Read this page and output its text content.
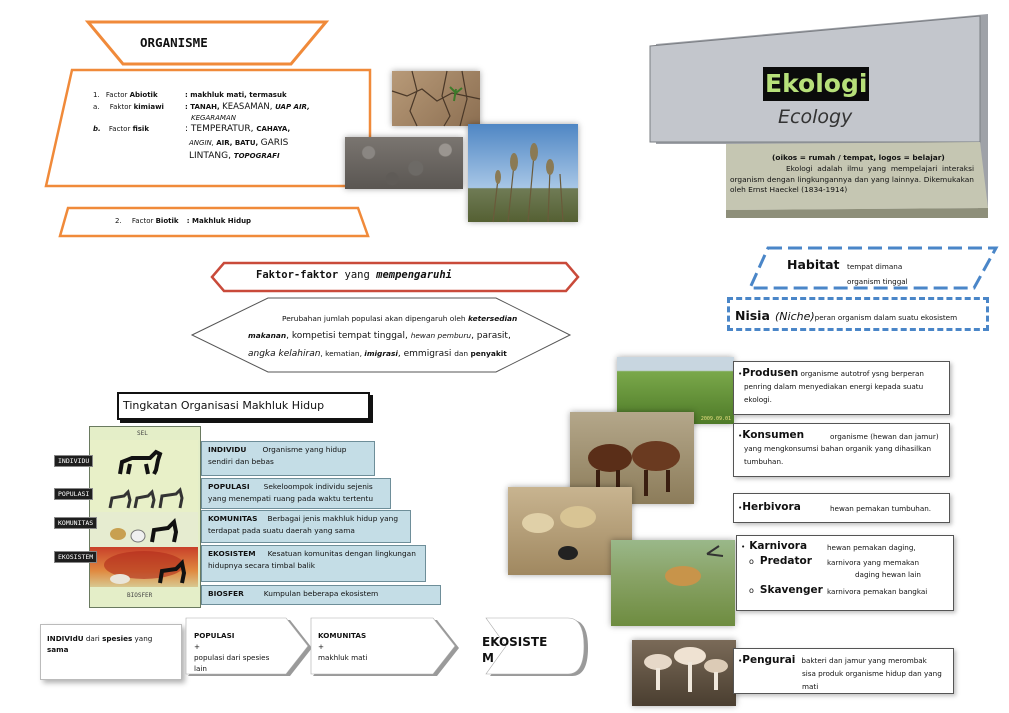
ORGANISME
1. Factor Abiotik	: makhluk mati, termasuk
a. Faktor kimiawi	: TANAH, KEASAMAN, UAP AIR,
KEGARAMAN
b. Factor fisik	: TEMPERATUR, CAHAYA,
ANGIN, AIR, BATU, GARIS
LINTANG, TOPOGRAFI
2. Factor Biotik : Makhluk Hidup
Ekologi
Ecology
(oikos = rumah / tempat, logos = belajar)
Ekologi adalah ilmu yang mempelajari interaksi organism dengan lingkungannya dan yang lainnya. Dikemukakan oleh Ernst Haeckel (1834-1914)
Faktor-faktor yang mempengaruhi
Perubahan jumlah populasi akan dipengaruh oleh ketersedian
makanan, kompetisi tempat tinggal, hewan pemburu, parasit,
angka kelahiran, kematian, imigrasi, emmigrasi dan penyakit
Habitat tempat dimana
organism tinggal
Nisia (Niche)peran organism dalam suatu ekosistem
Tingkatan Organisasi Makhluk Hidup
SEL
BIOSFER
INDIVIDU
POPULASI
KOMUNITAS
EKOSISTEM
INDIVIDU Organisme yang hidup
sendiri dan bebas
POPULASI Sekeloompok individu sejenis
yang menempati ruang pada waktu tertentu
KOMUNITAS Berbagai jenis makhluk hidup yang
terdapat pada suatu daerah yang sama
EKOSISTEM Kesatuan komunitas dengan lingkungan
hidupnya secara timbal balik
BIOSFER	Kumpulan beberapa ekosistem
INDIVIdU dari spesies yang
sama
POPULASI
+
populasi dari spesies
lain
KOMUNITAS
+
makhluk mati
EKOSISTE
M
2009.09.01
•Produsen organisme autotrof ysng berperan
penring dalam menyediakan energi kepada suatu
ekologi.
•Konsumen	organisme (hewan dan jamur)
yang mengkonsumsi bahan organik yang dihasilkan
tumbuhan.
•Herbivora	hewan pemakan tumbuhan.
• Karnivora	hewan pemakan daging,
o Predator karnivora yang memakan
daging hewan lain
o Skavenger karnivora pemakan bangkai
•Pengurai bakteri dan jamur yang merombak
sisa produk organisme hidup dan yang
mati
